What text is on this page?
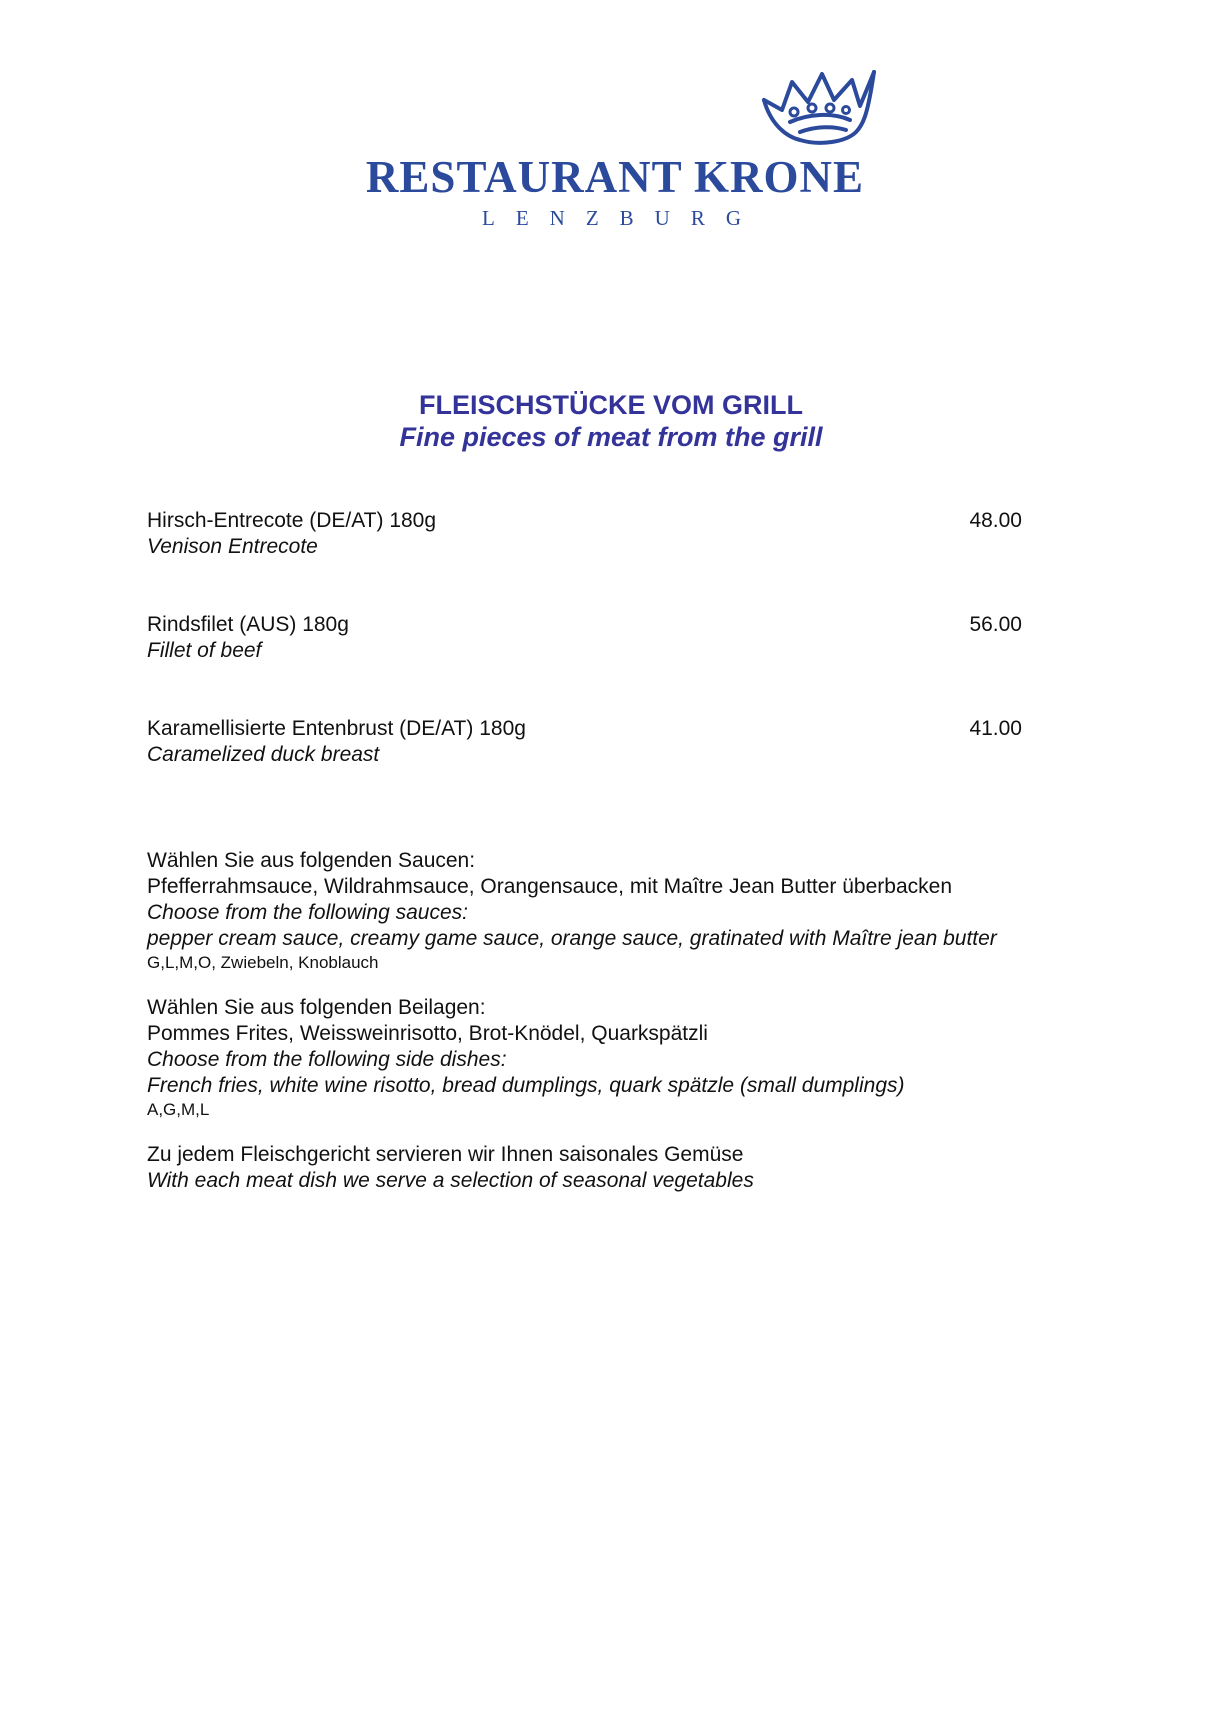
RESTAURANT KRONE
LENZBURG
FLEISCHSTÜCKE VOM GRILL
Fine pieces of meat from the grill
Hirsch-Entrecote (DE/AT) 180g
Venison Entrecote
48.00
Rindsfilet (AUS) 180g
Fillet of beef
56.00
Karamellisierte Entenbrust (DE/AT) 180g
Caramelized duck breast
41.00
Wählen Sie aus folgenden Saucen:
Pfefferrahmsauce, Wildrahmsauce, Orangensauce, mit Maître Jean Butter überbacken
Choose from the following sauces:
pepper cream sauce, creamy game sauce, orange sauce, gratinated with Maître jean butter
G,L,M,O, Zwiebeln, Knoblauch
Wählen Sie aus folgenden Beilagen:
Pommes Frites, Weissweinrisotto, Brot-Knödel, Quarkspätzli
Choose from the following side dishes:
French fries, white wine risotto, bread dumplings, quark spätzle (small dumplings)
A,G,M,L
Zu jedem Fleischgericht servieren wir Ihnen saisonales Gemüse
With each meat dish we serve a selection of seasonal vegetables
